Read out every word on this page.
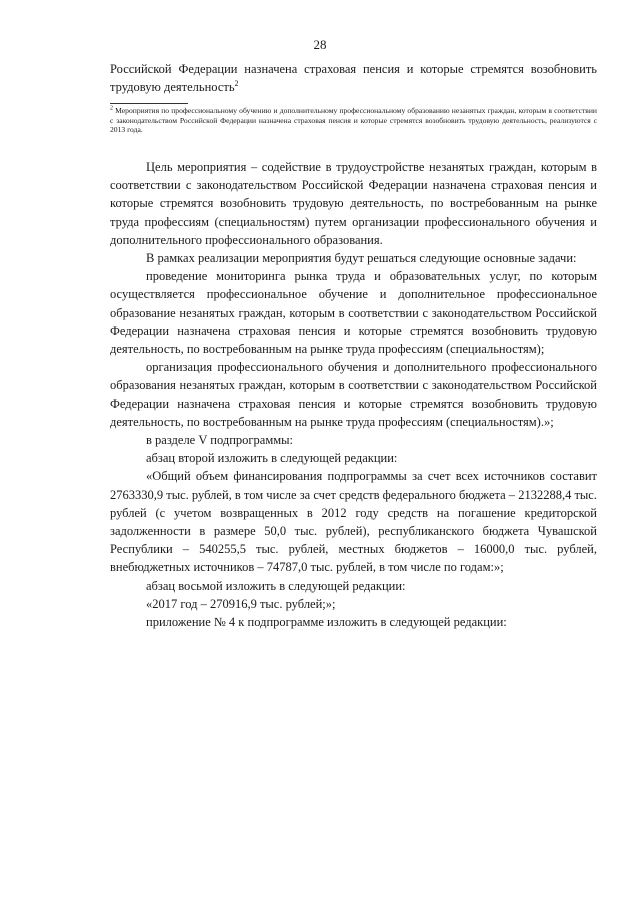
28

Российской Федерации назначена страховая пенсия и которые стремятся возобновить трудовую деятельность$^2$

$^2$ Мероприятия по профессиональному обучению и дополнительному профессиональному образованию незанятых граждан, которым в соответствии с законодательством Российской Федерации назначена страховая пенсия и которые стремятся возобновить трудовую деятельность, реализуются с 2013 года.

Цель мероприятия – содействие в трудоустройстве незанятых граждан, которым в соответствии с законодательством Российской Федерации назначена страховая пенсия и которые стремятся возобновить трудовую деятельность, по востребованным на рынке труда профессиям (специальностям) путем организации профессионального обучения и дополнительного профессионального образования.

В рамках реализации мероприятия будут решаться следующие основные задачи:

проведение мониторинга рынка труда и образовательных услуг, по которым осуществляется профессиональное обучение и дополнительное профессиональное образование незанятых граждан, которым в соответствии с законодательством Российской Федерации назначена страховая пенсия и которые стремятся возобновить трудовую деятельность, по востребованным на рынке труда профессиям (специальностям);

организация профессионального обучения и дополнительного профессионального образования незанятых граждан, которым в соответствии с законодательством Российской Федерации назначена страховая пенсия и которые стремятся возобновить трудовую деятельность, по востребованным на рынке труда профессиям (специальностям).»;

в разделе V подпрограммы:

абзац второй изложить в следующей редакции:

«Общий объем финансирования подпрограммы за счет всех источников составит 2763330,9 тыс. рублей, в том числе за счет средств федерального бюджета – 2132288,4 тыс. рублей (с учетом возвращенных в 2012 году средств на погашение кредиторской задолженности в размере 50,0 тыс. рублей), республиканского бюджета Чувашской Республики – 540255,5 тыс. рублей, местных бюджетов – 16000,0 тыс. рублей, внебюджетных источников – 74787,0 тыс. рублей, в том числе по годам:»;

абзац восьмой изложить в следующей редакции:

«2017 год – 270916,9 тыс. рублей;»;

приложение № 4 к подпрограмме изложить в следующей редакции:
